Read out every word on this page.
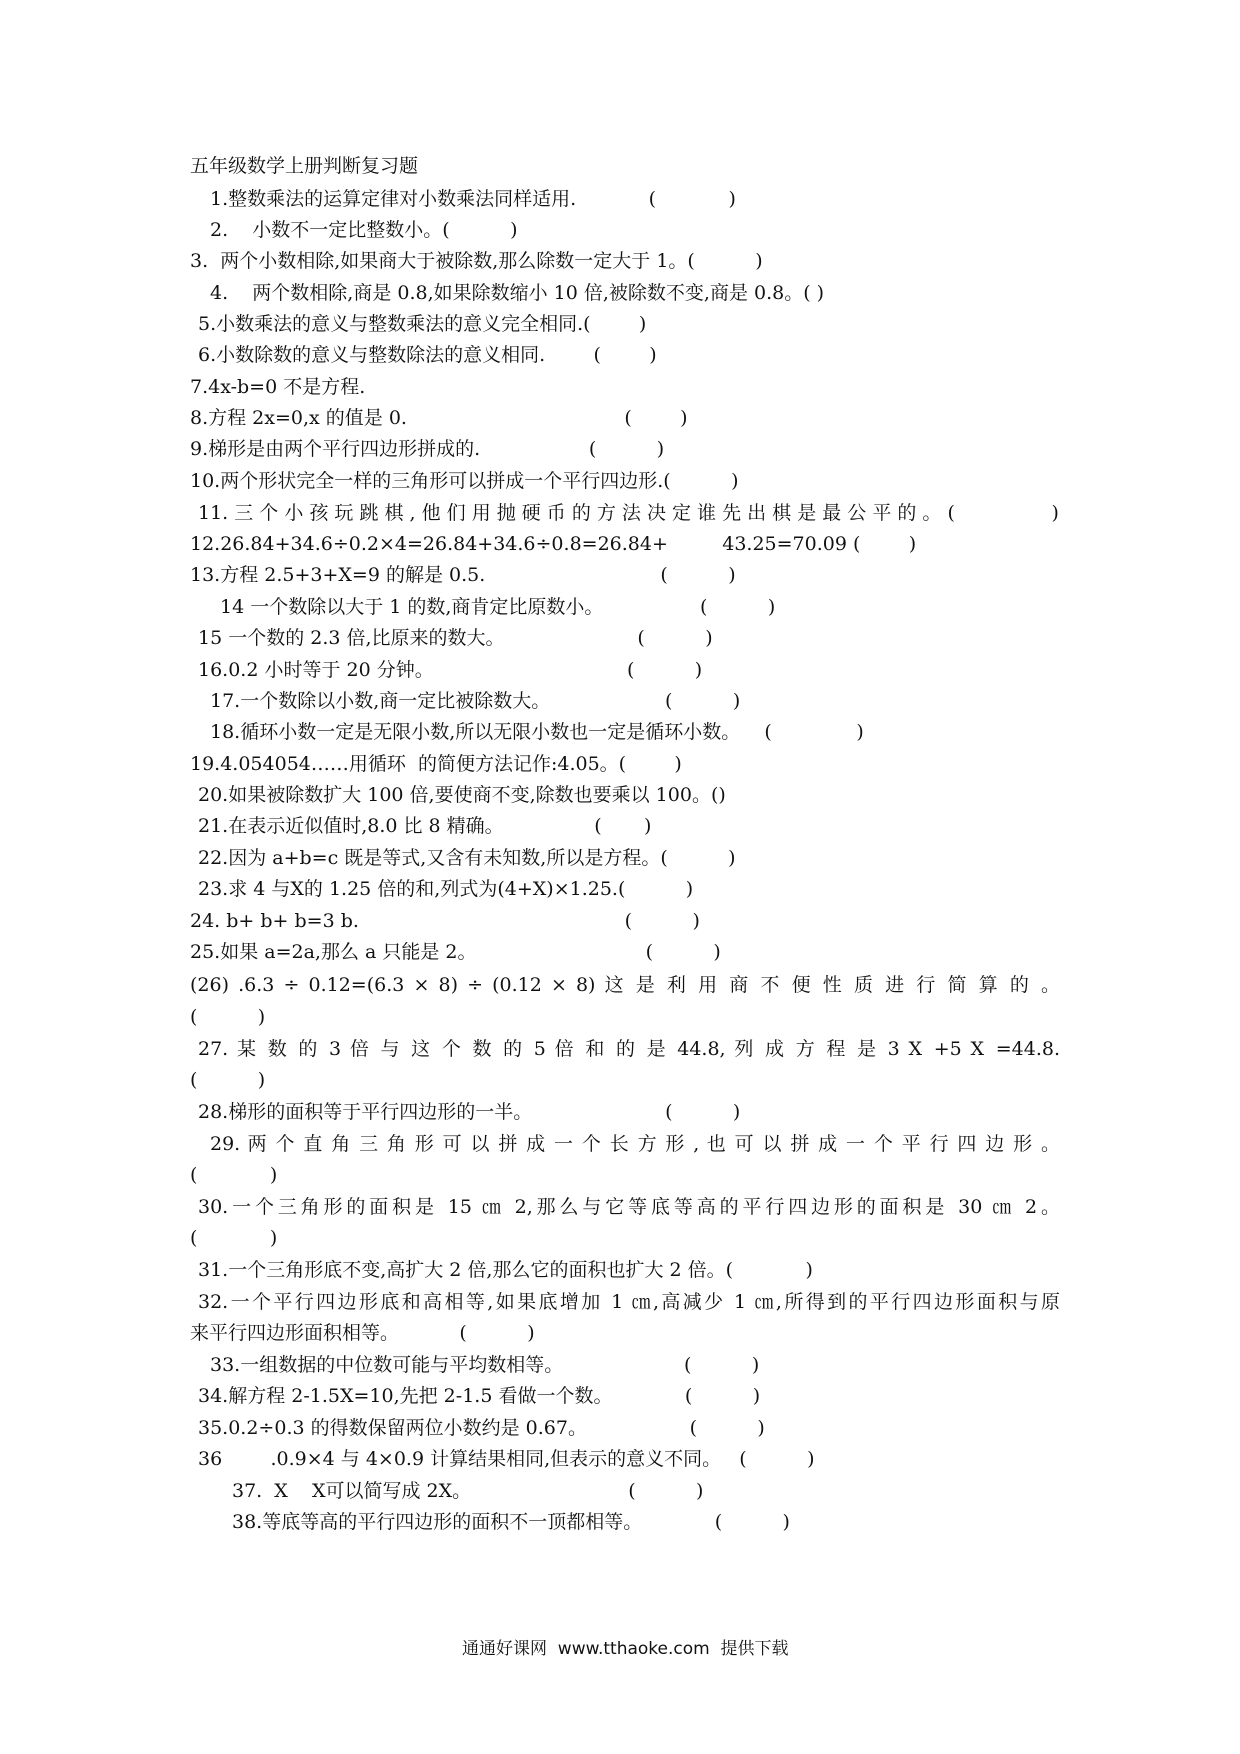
五年级数学上册判断复习题
1.整数乘法的运算定律对小数乘法同样适用.            (            )
2.    小数不一定比整数小。(          )
3.  两个小数相除,如果商大于被除数,那么除数一定大于 1。(          )
4.    两个数相除,商是 0.8,如果除数缩小 10 倍,被除数不变,商是 0.8。( )
5.小数乘法的意义与整数乘法的意义完全相同.(        )
6.小数除数的意义与整数除法的意义相同.        (        )
7.4x-b=0 不是方程.
8.方程 2x=0,x 的值是 0.                                    (        )
9.梯形是由两个平行四边形拼成的.                  (          )
10.两个形状完全一样的三角形可以拼成一个平行四边形.(          )
11. 三 个 小 孩 玩 跳 棋 , 他 们 用 抛 硬 币 的 方 法 决 定 谁 先 出 棋 是 最 公 平 的 。 (                )
12.26.84+34.6÷0.2×4=26.84+34.6÷0.8=26.84+         43.25=70.09 (        )
13.方程 2.5+3+Ⅹ=9 的解是 0.5.                             (          )
14 一个数除以大于 1 的数,商肯定比原数小。                (          )
15 一个数的 2.3 倍,比原来的数大。                      (          )
16.0.2 小时等于 20 分钟。                                (          )
17.一个数除以小数,商一定比被除数大。                   (          )
18.循环小数一定是无限小数,所以无限小数也一定是循环小数。    (              )
19.4.054054……用循环  的简便方法记作:4.05。(        )
20.如果被除数扩大 100 倍,要使商不变,除数也要乘以 100。()
21.在表示近似值时,8.0 比 8 精确。               (       )
22.因为 a+b=c 既是等式,又含有未知数,所以是方程。(          )
23.求 4 与Ⅹ的 1.25 倍的和,列式为(4+Ⅹ)×1.25.(          )
24. b+ b+ b=3 b.                                            (          )
25.如果 a=2a,那么 a 只能是 2。                            (          )
(26) .6.3 ÷ 0.12=(6.3 × 8) ÷ (0.12 × 8) 这 是 利 用 商 不 便 性 质 进 行 简 算 的 。
(          )
27. 某 数 的 3 倍 与 这 个 数 的 5 倍 和 的 是 44.8, 列 成 方 程 是 3 Ⅹ +5 Ⅹ =44.8.
(          )
28.梯形的面积等于平行四边形的一半。                      (          )
29. 两 个 直 角 三 角 形 可 以 拼 成 一 个 长 方 形 , 也 可 以 拼 成 一 个 平 行 四 边 形 。
(            )
30.一个三角形的面积是 15 ㎝ 2,那么与它等底等高的平行四边形的面积是 30 ㎝ 2。
(            )
31.一个三角形底不变,高扩大 2 倍,那么它的面积也扩大 2 倍。(            )
32.一个平行四边形底和高相等,如果底增加 1 ㎝,高减少 1 ㎝,所得到的平行四边形面积与原
来平行四边形面积相等。          (          )
33.一组数据的中位数可能与平均数相等。                    (          )
34.解方程 2-1.5Ⅹ=10,先把 2-1.5 看做一个数。            (          )
35.0.2÷0.3 的得数保留两位小数约是 0.67。                 (          )
36        .0.9×4 与 4×0.9 计算结果相同,但表示的意义不同。   (          )
37.  Ⅹ    Ⅹ可以简写成 2Ⅹ。                          (          )
38.等底等高的平行四边形的面积不一顶都相等。            (          )
通通好课网  www.tthaoke.com  提供下载
